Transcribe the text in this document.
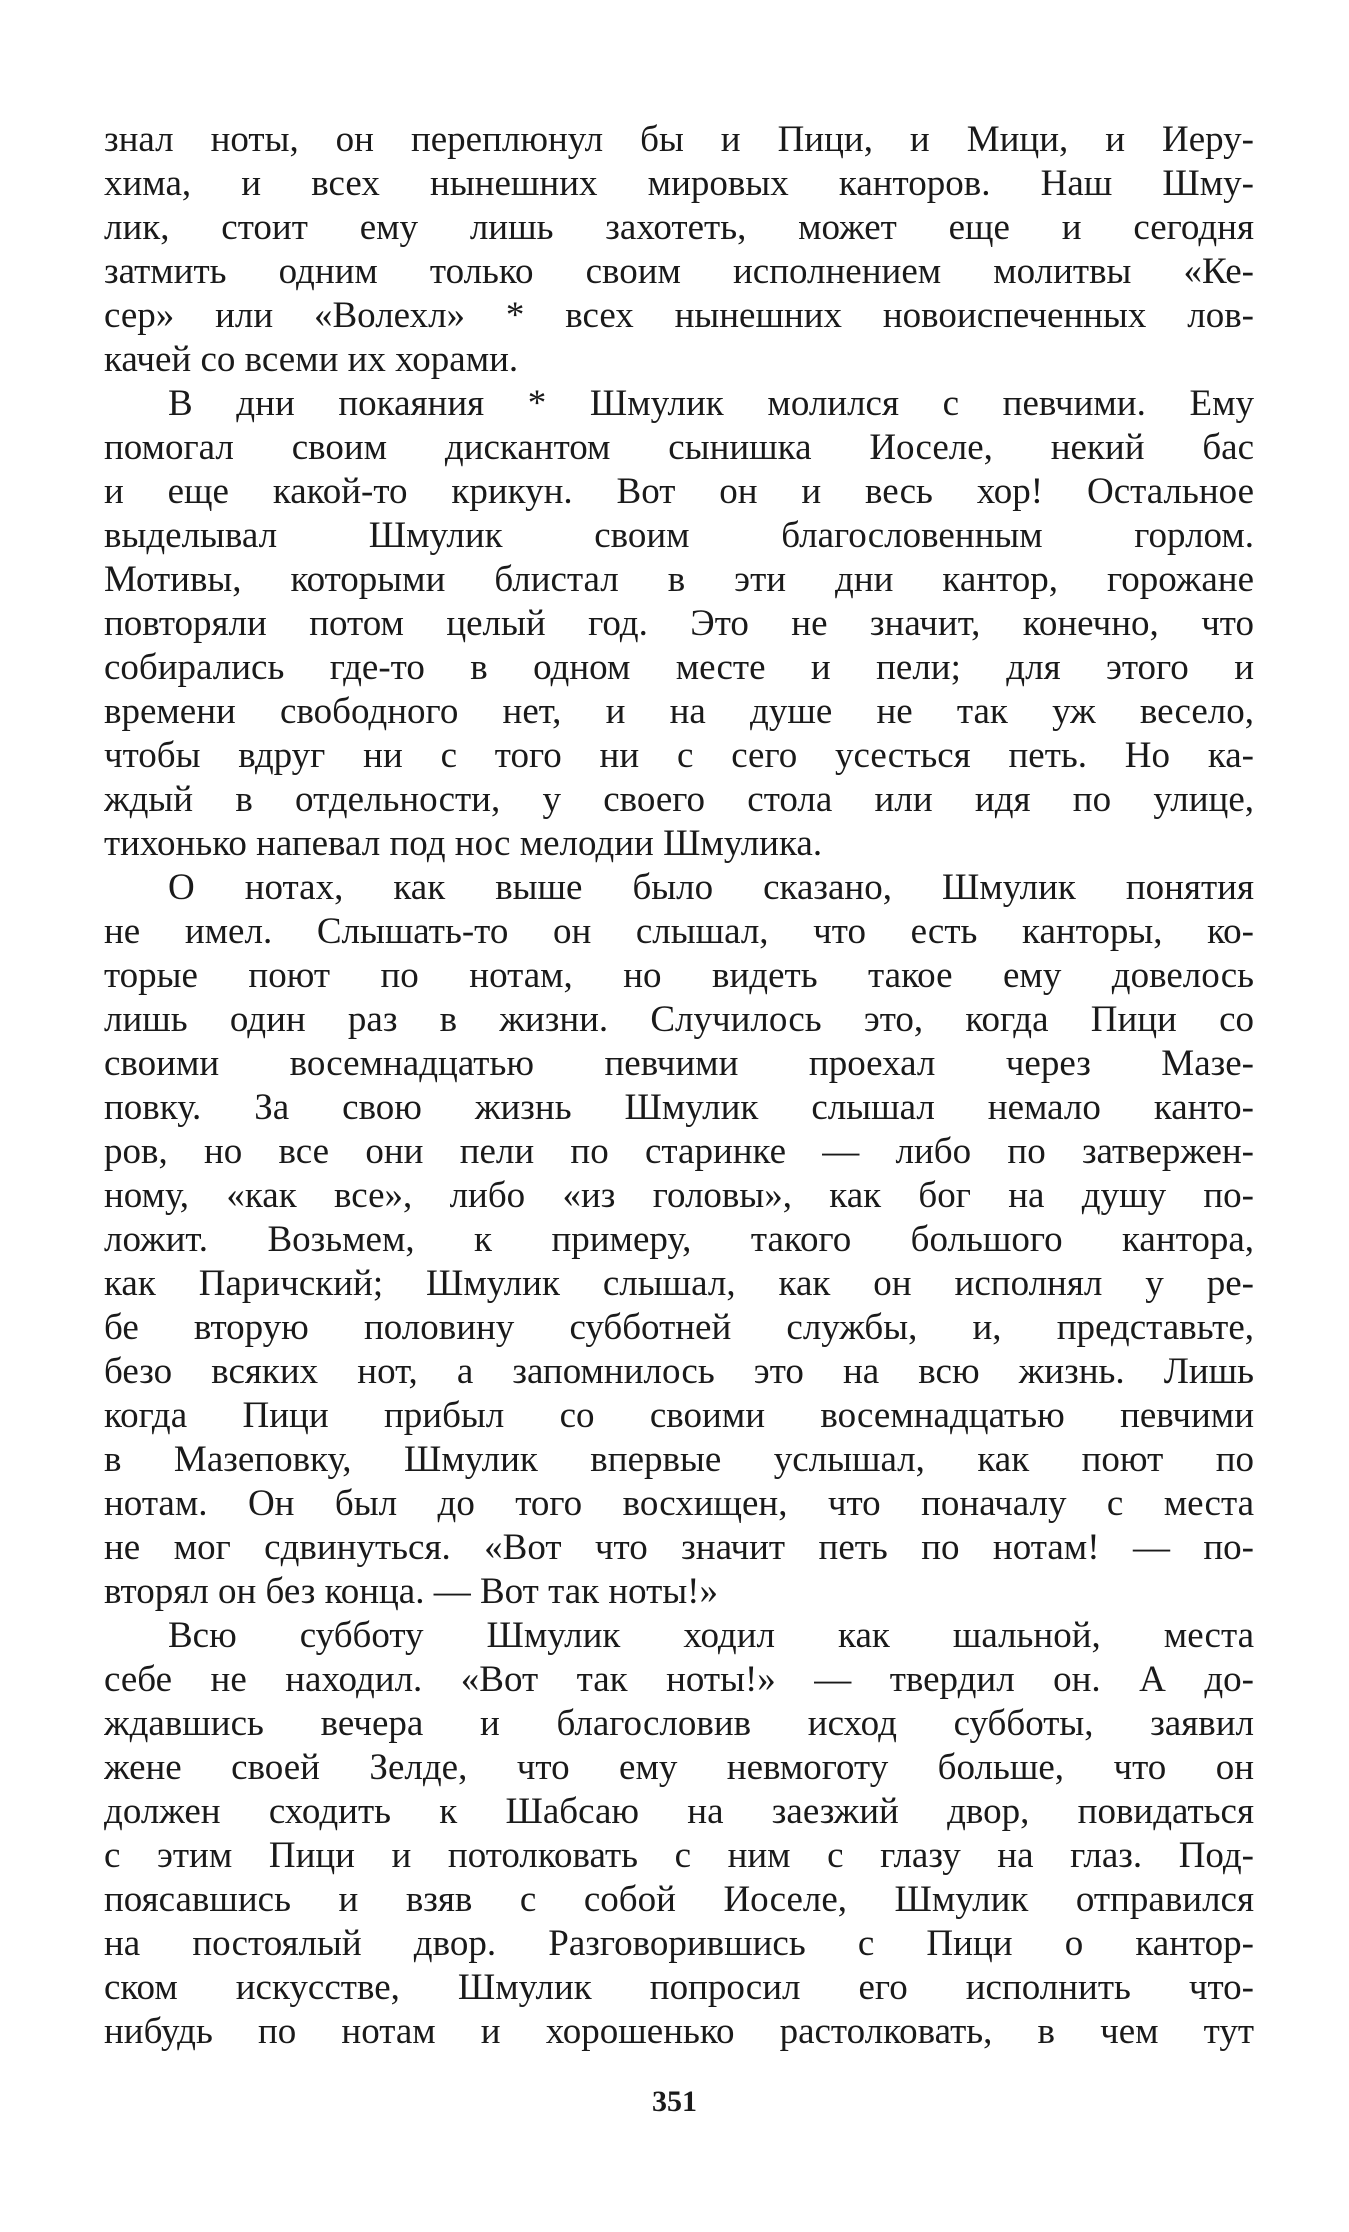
знал ноты, он переплюнул бы и Пици, и Мици, и Иеру-
хима, и всех нынешних мировых канторов. Наш Шму-
лик, стоит ему лишь захотеть, может еще и сегодня
затмить одним только своим исполнением молитвы «Ке-
сер» или «Волехл» * всех нынешних новоиспеченных лов-
качей со всеми их хорами.
В дни покаяния * Шмулик молился с певчими. Ему
помогал своим дискантом сынишка Иоселе, некий бас
и еще какой-то крикун. Вот он и весь хор! Остальное
выделывал Шмулик своим благословенным горлом.
Мотивы, которыми блистал в эти дни кантор, горожане
повторяли потом целый год. Это не значит, конечно, что
собирались где-то в одном месте и пели; для этого и
времени свободного нет, и на душе не так уж весело,
чтобы вдруг ни с того ни с сего усесться петь. Но ка-
ждый в отдельности, у своего стола или идя по улице,
тихонько напевал под нос мелодии Шмулика.
О нотах, как выше было сказано, Шмулик понятия
не имел. Слышать-то он слышал, что есть канторы, ко-
торые поют по нотам, но видеть такое ему довелось
лишь один раз в жизни. Случилось это, когда Пици со
своими восемнадцатью певчими проехал через Мазе-
повку. За свою жизнь Шмулик слышал немало канто-
ров, но все они пели по старинке — либо по затвержен-
ному, «как все», либо «из головы», как бог на душу по-
ложит. Возьмем, к примеру, такого большого кантора,
как Паричский; Шмулик слышал, как он исполнял у ре-
бе вторую половину субботней службы, и, представьте,
безо всяких нот, а запомнилось это на всю жизнь. Лишь
когда Пици прибыл со своими восемнадцатью певчими
в Мазеповку, Шмулик впервые услышал, как поют по
нотам. Он был до того восхищен, что поначалу с места
не мог сдвинуться. «Вот что значит петь по нотам! — по-
вторял он без конца. — Вот так ноты!»
Всю субботу Шмулик ходил как шальной, места
себе не находил. «Вот так ноты!» — твердил он. А до-
ждавшись вечера и благословив исход субботы, заявил
жене своей Зелде, что ему невмоготу больше, что он
должен сходить к Шабсаю на заезжий двор, повидаться
с этим Пици и потолковать с ним с глазу на глаз. Под-
поясавшись и взяв с собой Иоселе, Шмулик отправился
на постоялый двор. Разговорившись с Пици о кантор-
ском искусстве, Шмулик попросил его исполнить что-
нибудь по нотам и хорошенько растолковать, в чем тут
351
